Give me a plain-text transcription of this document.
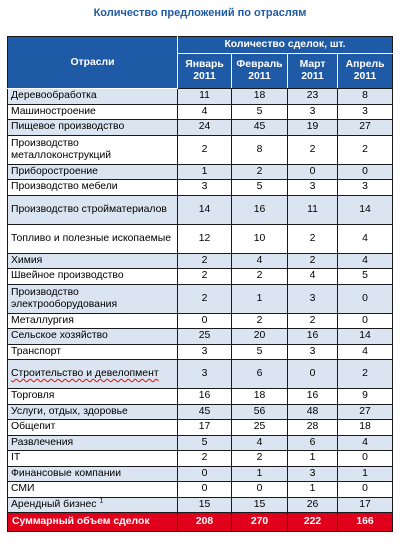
Количество предложений по отраслям
Отрасли	Количество сделок, шт.			
	Январь 2011	Февраль 2011	Март 2011	Апрель 2011
Деревообработка	11	18	23	8
Машиностроение	4	5	3	3
Пищевое производство	24	45	19	27
Производство металлоконструкций	2	8	2	2
Приборостроение	1	2	0	0
Производство мебели	3	5	3	3
Производство стройматериалов	14	16	11	14
Топливо и полезные ископаемые	12	10	2	4
Химия	2	4	2	4
Швейное производство	2	2	4	5
Производство электрооборудования	2	1	3	0
Металлургия	0	2	2	0
Сельское хозяйство	25	20	16	14
Транспорт	3	5	3	4
Строительство и девелопмент	3	6	0	2
Торговля	16	18	16	9
Услуги, отдых, здоровье	45	56	48	27
Общепит	17	25	28	18
Развлечения	5	4	6	4
IT	2	2	1	0
Финансовые компании	0	1	3	1
СМИ	0	0	1	0
Арендный бизнес $^1$	15	15	26	17
Суммарный объем сделок	208	270	222	166
